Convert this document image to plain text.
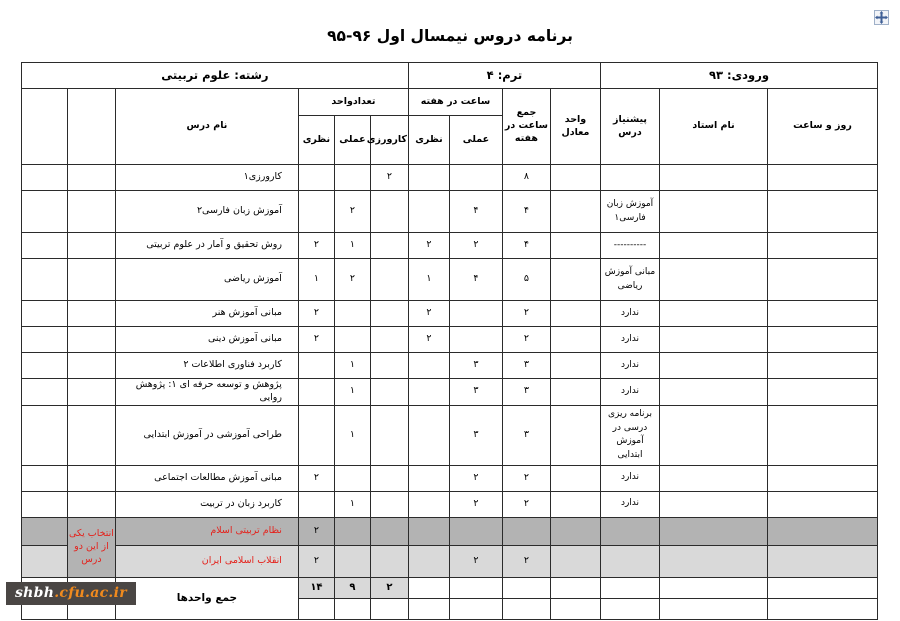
برنامه دروس نیمسال اول ۹۶-۹۵
ورودی: ۹۳			ترم: ۴				رشته: علوم تربیتی					
روز و ساعت	نام استاد	پیشنیاز درس	واحد معادل	جمع ساعت در هفته	ساعت در هفته		تعدادواحد			نام درس		
					عملی	نظری	کارورزی	عملی	نظری			
				۸			۲			کارورزی۱		
		آموزش زبان فارسی۱		۴	۴			۲		آموزش زبان فارسی۲		
		----------		۴	۲	۲		۱	۲	روش تحقیق و آمار در علوم تربیتی		
		مبانی آموزش ریاضی		۵	۴	۱		۲	۱	آموزش ریاضی		
		ندارد		۲		۲			۲	مبانی آموزش هنر		
		ندارد		۲		۲			۲	مبانی آموزش دینی		
		ندارد		۳	۳			۱		کاربرد فناوری اطلاعات ۲		
		ندارد		۳	۳			۱		پژوهش و توسعه حرفه ای ۱: پژوهش روایی		
		برنامه ریزی درسی در آموزش ابتدایی		۳	۳			۱		طراحی آموزشی در آموزش ابتدایی		
		ندارد		۲	۲				۲	مبانی آموزش مطالعات اجتماعی		
		ندارد		۲	۲			۱		کاربرد زبان در تربیت		
									۲	نظام تربیتی اسلام	انتخاب یکی از این دو درس	
				۲	۲				۲	انقلاب اسلامی ایران		
							۲	۹	۱۴	جمع واحدها		

shbh.cfu.ac.ir
